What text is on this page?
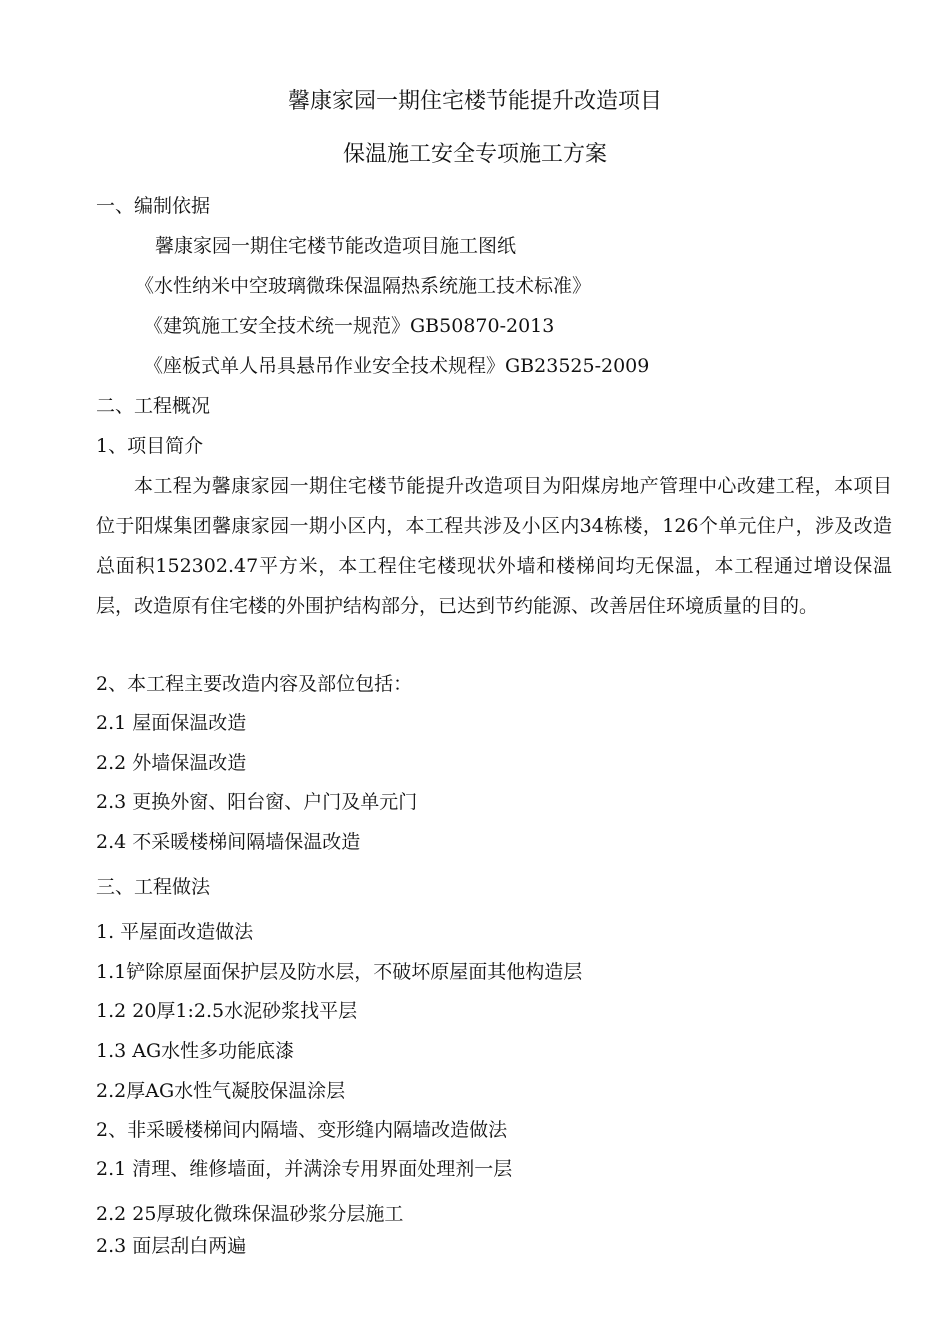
馨康家园一期住宅楼节能提升改造项目
保温施工安全专项施工方案
一、编制依据
馨康家园一期住宅楼节能改造项目施工图纸
《水性纳米中空玻璃微珠保温隔热系统施工技术标准》
《建筑施工安全技术统一规范》GB50870-2013
《座板式单人吊具悬吊作业安全技术规程》GB23525-2009
二、工程概况
1、项目简介
本工程为馨康家园一期住宅楼节能提升改造项目为阳煤房地产管理中心改建工程，本项目位于阳煤集团馨康家园一期小区内，本工程共涉及小区内34栋楼，126个单元住户，涉及改造总面积152302.47平方米，本工程住宅楼现状外墙和楼梯间均无保温，本工程通过增设保温层，改造原有住宅楼的外围护结构部分，已达到节约能源、改善居住环境质量的目的。
2、本工程主要改造内容及部位包括：
2.1 屋面保温改造
2.2 外墙保温改造
2.3 更换外窗、阳台窗、户门及单元门
2.4 不采暖楼梯间隔墙保温改造
三、工程做法
1. 平屋面改造做法
1.1铲除原屋面保护层及防水层，不破坏原屋面其他构造层
1.2 20厚1:2.5水泥砂浆找平层
1.3 AG水性多功能底漆
2.2厚AG水性气凝胶保温涂层
2、非采暖楼梯间内隔墙、变形缝内隔墙改造做法
2.1 清理、维修墙面，并满涂专用界面处理剂一层
2.2 25厚玻化微珠保温砂浆分层施工
2.3 面层刮白两遍
